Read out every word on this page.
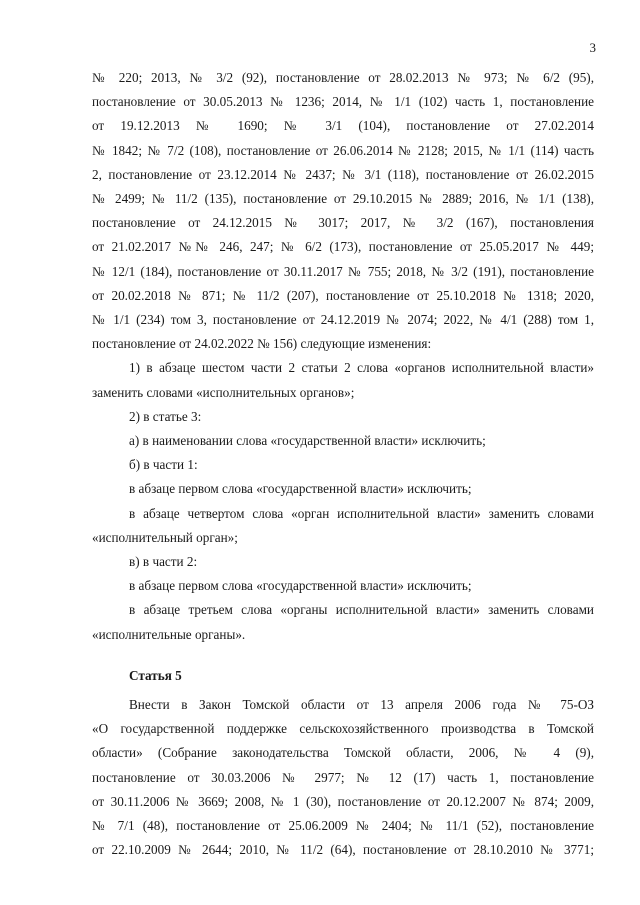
3

№ 220; 2013, № 3/2 (92), постановление от 28.02.2013 № 973; № 6/2 (95),

постановление от 30.05.2013 № 1236; 2014, № 1/1 (102) часть 1, постановление

от 19.12.2013 № 1690; № 3/1 (104), постановление от 27.02.2014

№ 1842; № 7/2 (108), постановление от 26.06.2014 № 2128; 2015, № 1/1 (114) часть

2, постановление от 23.12.2014 № 2437; № 3/1 (118), постановление от 26.02.2015

№ 2499; № 11/2 (135), постановление от 29.10.2015 № 2889; 2016, № 1/1 (138),

постановление от 24.12.2015 № 3017; 2017, № 3/2 (167), постановления

от 21.02.2017 №№ 246, 247; № 6/2 (173), постановление от 25.05.2017 № 449;

№ 12/1 (184), постановление от 30.11.2017 № 755; 2018, № 3/2 (191), постановление

от 20.02.2018 № 871; № 11/2 (207), постановление от 25.10.2018 № 1318; 2020,

№ 1/1 (234) том 3, постановление от 24.12.2019 № 2074; 2022, № 4/1 (288) том 1,

постановление от 24.02.2022 № 156) следующие изменения:

1) в абзаце шестом части 2 статьи 2 слова «органов исполнительной власти»

заменить словами «исполнительных органов»;

2) в статье 3:

а) в наименовании слова «государственной власти» исключить;

б) в части 1:

в абзаце первом слова «государственной власти» исключить;

в абзаце четвертом слова «орган исполнительной власти» заменить словами

«исполнительный орган»;

в) в части 2:

в абзаце первом слова «государственной власти» исключить;

в абзаце третьем слова «органы исполнительной власти» заменить словами

«исполнительные органы».

Статья 5

Внести в Закон Томской области от 13 апреля 2006 года № 75-ОЗ

«О государственной поддержке сельскохозяйственного производства в Томской

области» (Собрание законодательства Томской области, 2006, № 4 (9),

постановление от 30.03.2006 № 2977; № 12 (17) часть 1, постановление

от 30.11.2006 № 3669; 2008, № 1 (30), постановление от 20.12.2007 № 874; 2009,

№ 7/1 (48), постановление от 25.06.2009 № 2404; № 11/1 (52), постановление

от 22.10.2009 № 2644; 2010, № 11/2 (64), постановление от 28.10.2010 № 3771;
